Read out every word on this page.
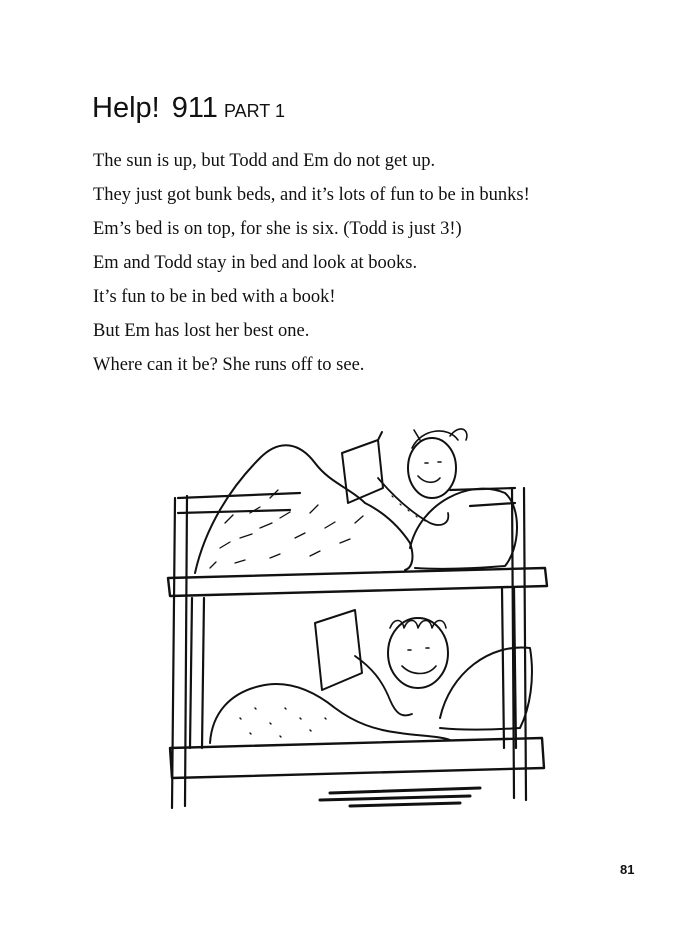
Help! 911 PART 1
The sun is up, but Todd and Em do not get up.
They just got bunk beds, and it’s lots of fun to be in bunks!
Em’s bed is on top, for she is six. (Todd is just 3!)
Em and Todd stay in bed and look at books.
It’s fun to be in bed with a book!
But Em has lost her best one.
Where can it be? She runs off to see.
81
